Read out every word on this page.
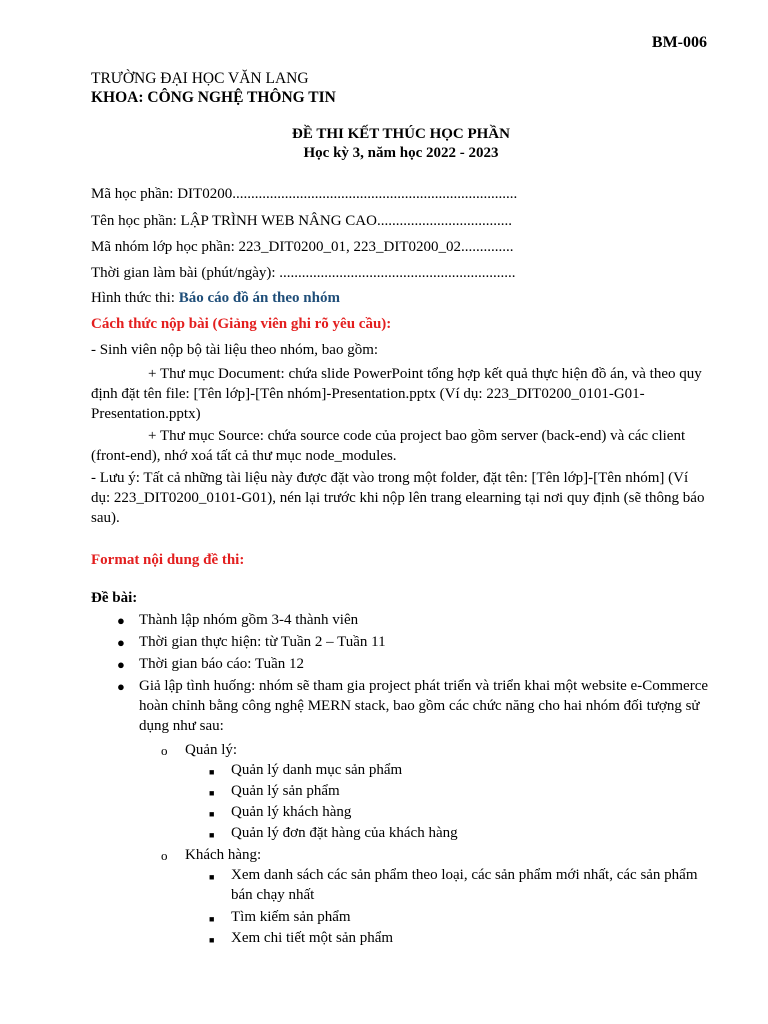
BM-006
TRƯỜNG ĐẠI HỌC VĂN LANG
KHOA: CÔNG NGHỆ THÔNG TIN
ĐỀ THI KẾT THÚC HỌC PHẦN
Học kỳ 3, năm học 2022 - 2023
Mã học phần: DIT0200............................................................................
Tên học phần: LẬP TRÌNH WEB NÂNG CAO....................................
Mã nhóm lớp học phần: 223_DIT0200_01, 223_DIT0200_02..............
Thời gian làm bài (phút/ngày): ...............................................................
Hình thức thi: Báo cáo đồ án theo nhóm
Cách thức nộp bài (Giảng viên ghi rõ yêu cầu):
- Sinh viên nộp bộ tài liệu theo nhóm, bao gồm:
+ Thư mục Document: chứa slide PowerPoint tổng hợp kết quả thực hiện đồ án, và theo quy định đặt tên file: [Tên lớp]-[Tên nhóm]-Presentation.pptx (Ví dụ: 223_DIT0200_0101-G01-Presentation.pptx)
+ Thư mục Source: chứa source code của project bao gồm server (back-end) và các client (front-end), nhớ xoá tất cả thư mục node_modules.
- Lưu ý: Tất cả những tài liệu này được đặt vào trong một folder, đặt tên: [Tên lớp]-[Tên nhóm] (Ví dụ: 223_DIT0200_0101-G01), nén lại trước khi nộp lên trang elearning tại nơi quy định (sẽ thông báo sau).
Format nội dung đề thi:
Đề bài:
● Thành lập nhóm gồm 3-4 thành viên
● Thời gian thực hiện: từ Tuần 2 – Tuần 11
● Thời gian báo cáo: Tuần 12
● Giả lập tình huống: nhóm sẽ tham gia project phát triển và triển khai một website e-Commerce hoàn chỉnh bằng công nghệ MERN stack, bao gồm các chức năng cho hai nhóm đối tượng sử dụng như sau:
o Quản lý:
■ Quản lý danh mục sản phẩm
■ Quản lý sản phẩm
■ Quản lý khách hàng
■ Quản lý đơn đặt hàng của khách hàng
o Khách hàng:
■ Xem danh sách các sản phẩm theo loại, các sản phẩm mới nhất, các sản phẩm bán chạy nhất
■ Tìm kiếm sản phẩm
■ Xem chi tiết một sản phẩm
